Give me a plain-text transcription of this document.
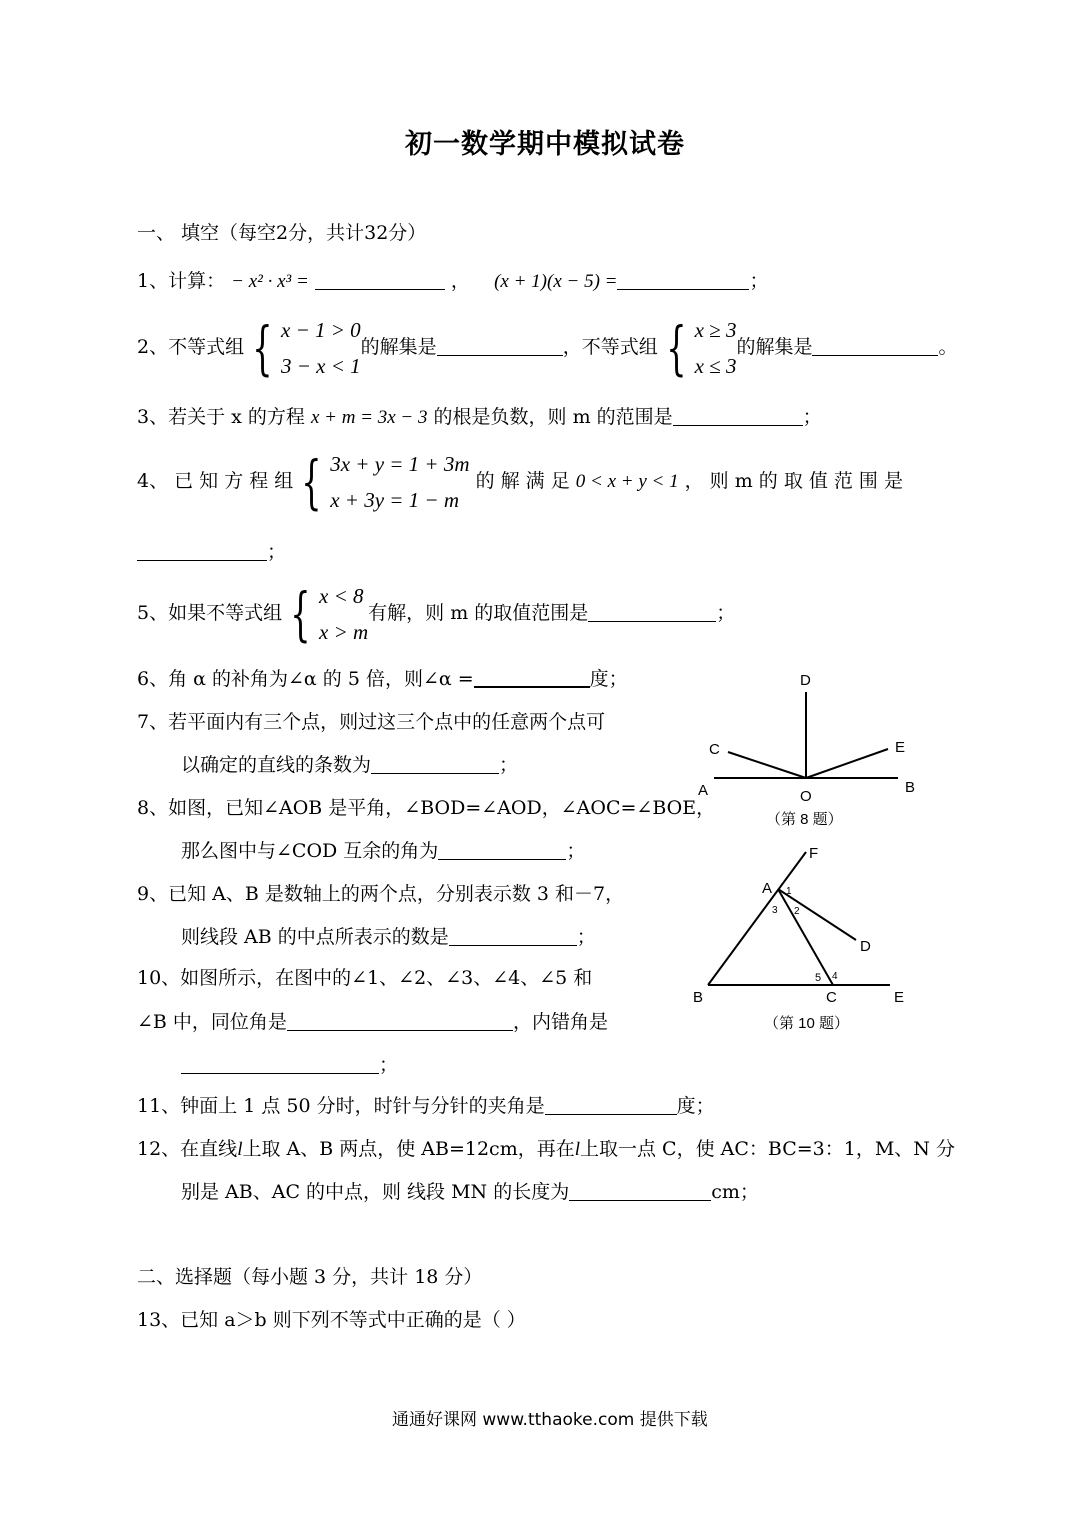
初一数学期中模拟试卷
一、 填空（每空2分，共计32分）
1、计算： − x² · x³ =	， (x + 1)(x − 5) =	；
2、不等式组 { x − 1 > 0
3 − x < 1
的解集是	，不等式组 { x ≥ 3
x ≤ 3
的解集是	。
3、若关于 x 的方程 x + m = 3x − 3 的根是负数，则 m 的范围是	；
4、 已 知 方 程 组 { 3x + y = 1 + 3m
x + 3y = 1 − m
的 解 满 足 0 < x + y < 1 ， 则 m 的 取 值 范 围 是
；
5、如果不等式组 { x < 8
x > m
有解，则 m 的取值范围是	；
6、角 α 的补角为∠α 的 5 倍，则∠α =	度；
7、若平面内有三个点，则过这三个点中的任意两个点可
以确定的直线的条数为	；
8、如图，已知∠AOB 是平角，∠BOD=∠AOD，∠AOC=∠BOE，
那么图中与∠COD 互余的角为	；
9、已知 A、B 是数轴上的两个点，分别表示数 3 和－7，
则线段 AB 的中点所表示的数是	；
10、如图所示，在图中的∠1、∠2、∠3、∠4、∠5 和
∠B 中，同位角是	，内错角是
；
11、钟面上 1 点 50 分时，时针与分针的夹角是	度；
12、在直线l上取 A、B 两点，使 AB=12cm，再在l上取一点 C，使 AC：BC=3：1，M、N 分
别是 AB、AC 的中点，则 线段 MN 的长度为	cm；
二、选择题（每小题 3 分，共计 18 分）
13、已知 a＞b 则下列不等式中正确的是（ ）
D
C	E
A	O
B
（第 8 题）
F
A 1
2
3
D
5 4
B	C	E
（第 10 题）
通通好课网 www.tthaoke.com 提供下载
